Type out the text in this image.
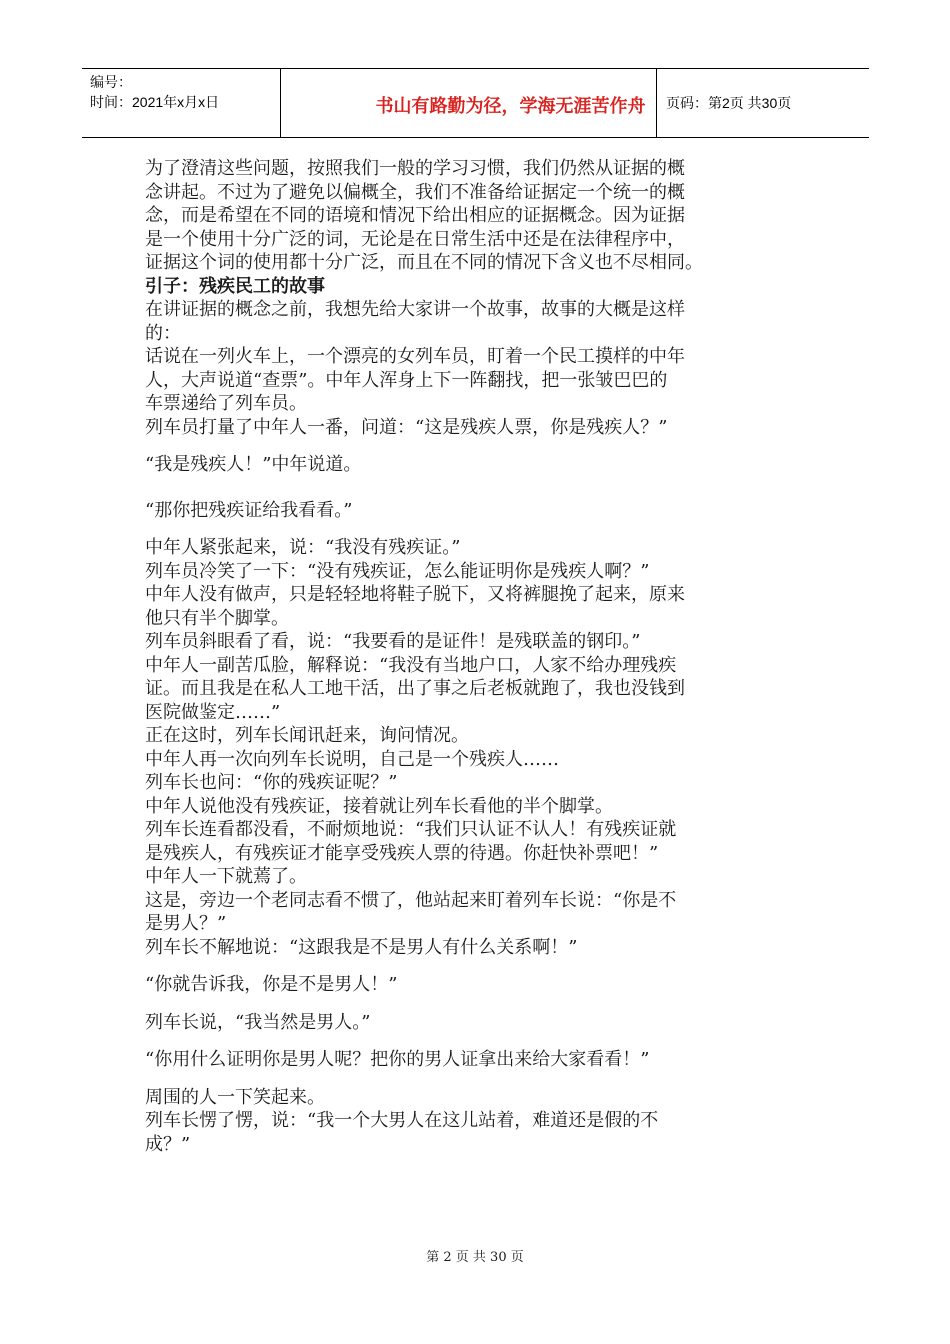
编号：
时间：2021年x月x日	书山有路勤为径，学海无涯苦作舟	页码：第2页 共30页

为了澄清这些问题，按照我们一般的学习习惯，我们仍然从证据的概

念讲起。不过为了避免以偏概全，我们不准备给证据定一个统一的概

念，而是希望在不同的语境和情况下给出相应的证据概念。因为证据

是一个使用十分广泛的词，无论是在日常生活中还是在法律程序中，

证据这个词的使用都十分广泛，而且在不同的情况下含义也不尽相同。

引子：残疾民工的故事

在讲证据的概念之前，我想先给大家讲一个故事，故事的大概是这样

的：

话说在一列火车上，一个漂亮的女列车员，盯着一个民工摸样的中年

人，大声说道“查票”。中年人浑身上下一阵翻找，把一张皱巴巴的

车票递给了列车员。

列车员打量了中年人一番，问道：“这是残疾人票，你是残疾人？”

“我是残疾人！”中年说道。

“那你把残疾证给我看看。”

中年人紧张起来，说：“我没有残疾证。”

列车员冷笑了一下：“没有残疾证，怎么能证明你是残疾人啊？”

中年人没有做声，只是轻轻地将鞋子脱下，又将裤腿挽了起来，原来

他只有半个脚掌。

列车员斜眼看了看，说：“我要看的是证件！是残联盖的钢印。”

中年人一副苦瓜脸，解释说：“我没有当地户口，人家不给办理残疾

证。而且我是在私人工地干活，出了事之后老板就跑了，我也没钱到

医院做鉴定……”

正在这时，列车长闻讯赶来，询问情况。

中年人再一次向列车长说明，自己是一个残疾人……

列车长也问：“你的残疾证呢？”

中年人说他没有残疾证，接着就让列车长看他的半个脚掌。

列车长连看都没看，不耐烦地说：“我们只认证不认人！有残疾证就

是残疾人，有残疾证才能享受残疾人票的待遇。你赶快补票吧！”

中年人一下就蔫了。

这是，旁边一个老同志看不惯了，他站起来盯着列车长说：“你是不

是男人？”

列车长不解地说：“这跟我是不是男人有什么关系啊！”

“你就告诉我，你是不是男人！”

列车长说，“我当然是男人。”

“你用什么证明你是男人呢？把你的男人证拿出来给大家看看！”

周围的人一下笑起来。

列车长愣了愣，说：“我一个大男人在这儿站着，难道还是假的不

成？”

第 2 页 共 30 页
